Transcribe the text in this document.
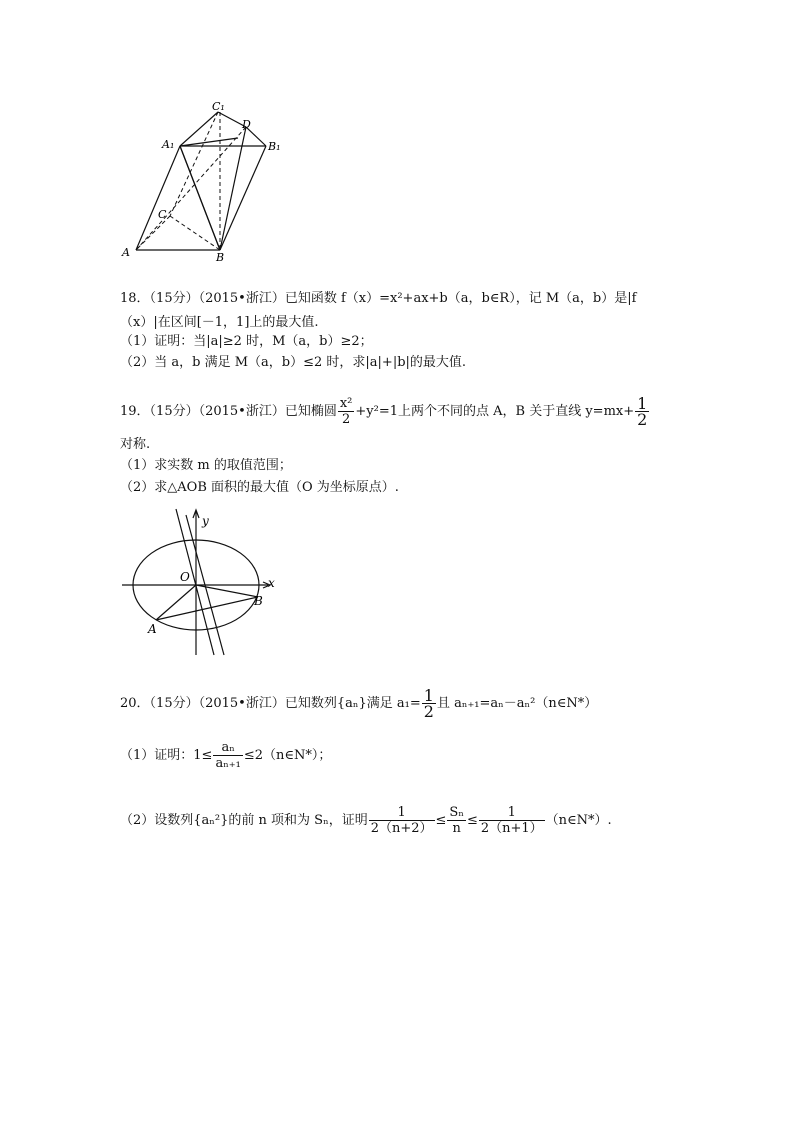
C₁
D
A₁	B₁
C
A	B
18．（15分）（2015•浙江）已知函数 f（x）=x²+ax+b（a，b∈R），记 M（a，b）是|f
（x）|在区间[－1，1]上的最大值.
（1）证明：当|a|≥2 时，M（a，b）≥2；
（2）当 a，b 满足 M（a，b）≤2 时，求|a|+|b|的最大值.
19．（15分）（2015•浙江）已知椭圆 $\frac{\text{x²}}{2} +y^2=1$上两个不同的点 A，B 关于直线 $y=mx+ \frac{1}{2}$
对称.
（1）求实数 m 的取值范围；
（2）求△AOB 面积的最大值（O 为坐标原点）.
y
x
O
B
A
20．（15分）（2015•浙江）已知数列{aₙ}满足 $a_1= \frac{1}{2}$ 且 aₙ₊₁=aₙ－aₙ²（n∈N*）
（1）证明：$1\le \frac{\text{aₙ}}{\text{aₙ₊₁}}$ ≤2（n∈N*）；
（2）设数列{aₙ²}的前 n 项和为 Sₙ，证明 $\frac{1}{2(n+2)} \le \frac{\text{Sₙ}}{n} \le \frac{1}{2(n+1)}$ （n∈N*）.
